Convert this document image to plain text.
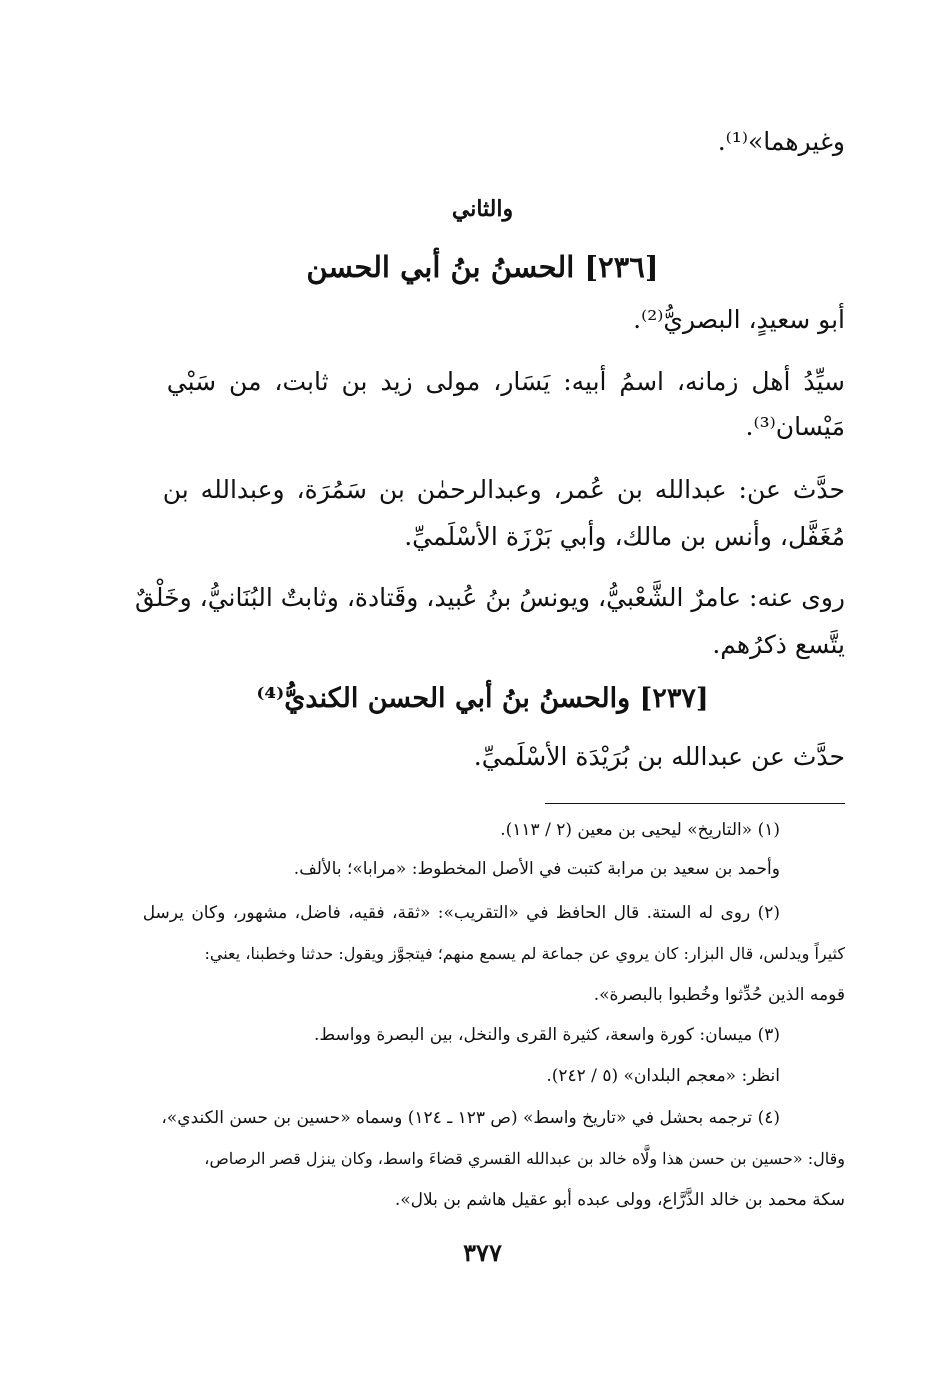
وغيرهما»⁽¹⁾.
والثاني
[٢٣٦] الحسنُ بنُ أبي الحسن
أبو سعيدٍ، البصريُّ⁽²⁾.
سيِّدُ أهل زمانه، اسمُ أبيه: يَسَار، مولى زيد بن ثابت، من سَبْي
مَيْسان⁽³⁾.
حدَّث عن: عبدالله بن عُمر، وعبدالرحمٰن بن سَمُرَة، وعبدالله بن
مُغَفَّل، وأنس بن مالك، وأبي بَرْزَة الأسْلَميِّ.
روى عنه: عامرٌ الشَّعْبيُّ، ويونسُ بنُ عُبيد، وقَتادة، وثابتٌ البُنَانيُّ، وخَلْقٌ
يتَّسع ذكرُهم.
[٢٣٧] والحسنُ بنُ أبي الحسن الكنديُّ⁽⁴⁾
حدَّث عن عبدالله بن بُرَيْدَة الأسْلَميِّ.
(١) «التاريخ» ليحيى بن معين (٢ / ١١٣).
وأحمد بن سعيد بن مرابة كتبت في الأصل المخطوط: «مرابا»؛ بالألف.
(٢) روى له الستة. قال الحافظ في «التقريب»: «ثقة، فقيه، فاضل، مشهور، وكان يرسل
كثيراً ويدلس، قال البزار: كان يروي عن جماعة لم يسمع منهم؛ فيتجوَّز ويقول: حدثنا وخطبنا، يعني:
قومه الذين حُدِّثوا وخُطبوا بالبصرة».
(٣) ميسان: كورة واسعة، كثيرة القرى والنخل، بين البصرة وواسط.
انظر: «معجم البلدان» (٥ / ٢٤٢).
(٤) ترجمه بحشل في «تاريخ واسط» (ص ١٢٣ ـ ١٢٤) وسماه «حسين بن حسن الكندي»،
وقال: «حسين بن حسن هذا ولَّاه خالد بن عبدالله القسري قضاءَ واسط، وكان ينزل قصر الرصاص،
سكة محمد بن خالد الذَّرَّاع، وولى عبده أبو عقيل هاشم بن بلال».
٣٧٧
